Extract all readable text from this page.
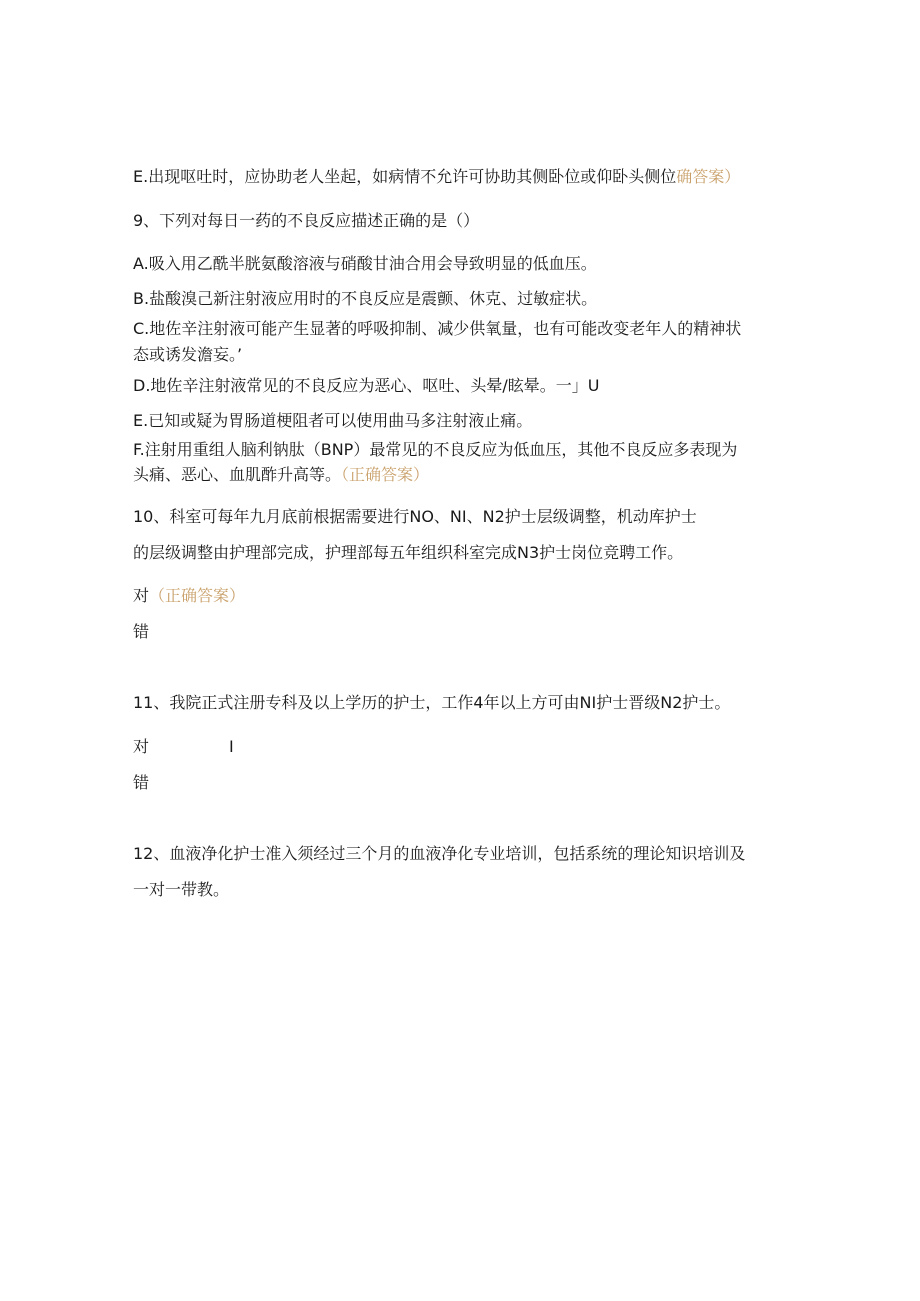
E.出现呕吐时，应协助老人坐起，如病情不允许可协助其侧卧位或仰卧头侧位确答案）
9、下列对每日一药的不良反应描述正确的是（）
A.吸入用乙酰半胱氨酸溶液与硝酸甘油合用会导致明显的低血压。
B.盐酸溴己新注射液应用时的不良反应是震颤、休克、过敏症状。
C.地佐辛注射液可能产生显著的呼吸抑制、减少供氧量，也有可能改变老年人的精神状
态或诱发澹妄。’
D.地佐辛注射液常见的不良反应为恶心、呕吐、头晕/眩晕。一」U
E.已知或疑为胃肠道梗阻者可以使用曲马多注射液止痛。
F.注射用重组人脑利钠肽（BNP）最常见的不良反应为低血压，其他不良反应多表现为
头痛、恶心、血肌酢升高等。（正确答案）
10、科室可每年九月底前根据需要进行NO、NI、N2护士层级调整，机动库护士
的层级调整由护理部完成，护理部每五年组织科室完成N3护士岗位竞聘工作。
对（正确答案）
错
11、我院正式注册专科及以上学历的护士，工作4年以上方可由NI护士晋级N2护士。
对	I
错
12、血液净化护士准入须经过三个月的血液净化专业培训，包括系统的理论知识培训及
一对一带教。
